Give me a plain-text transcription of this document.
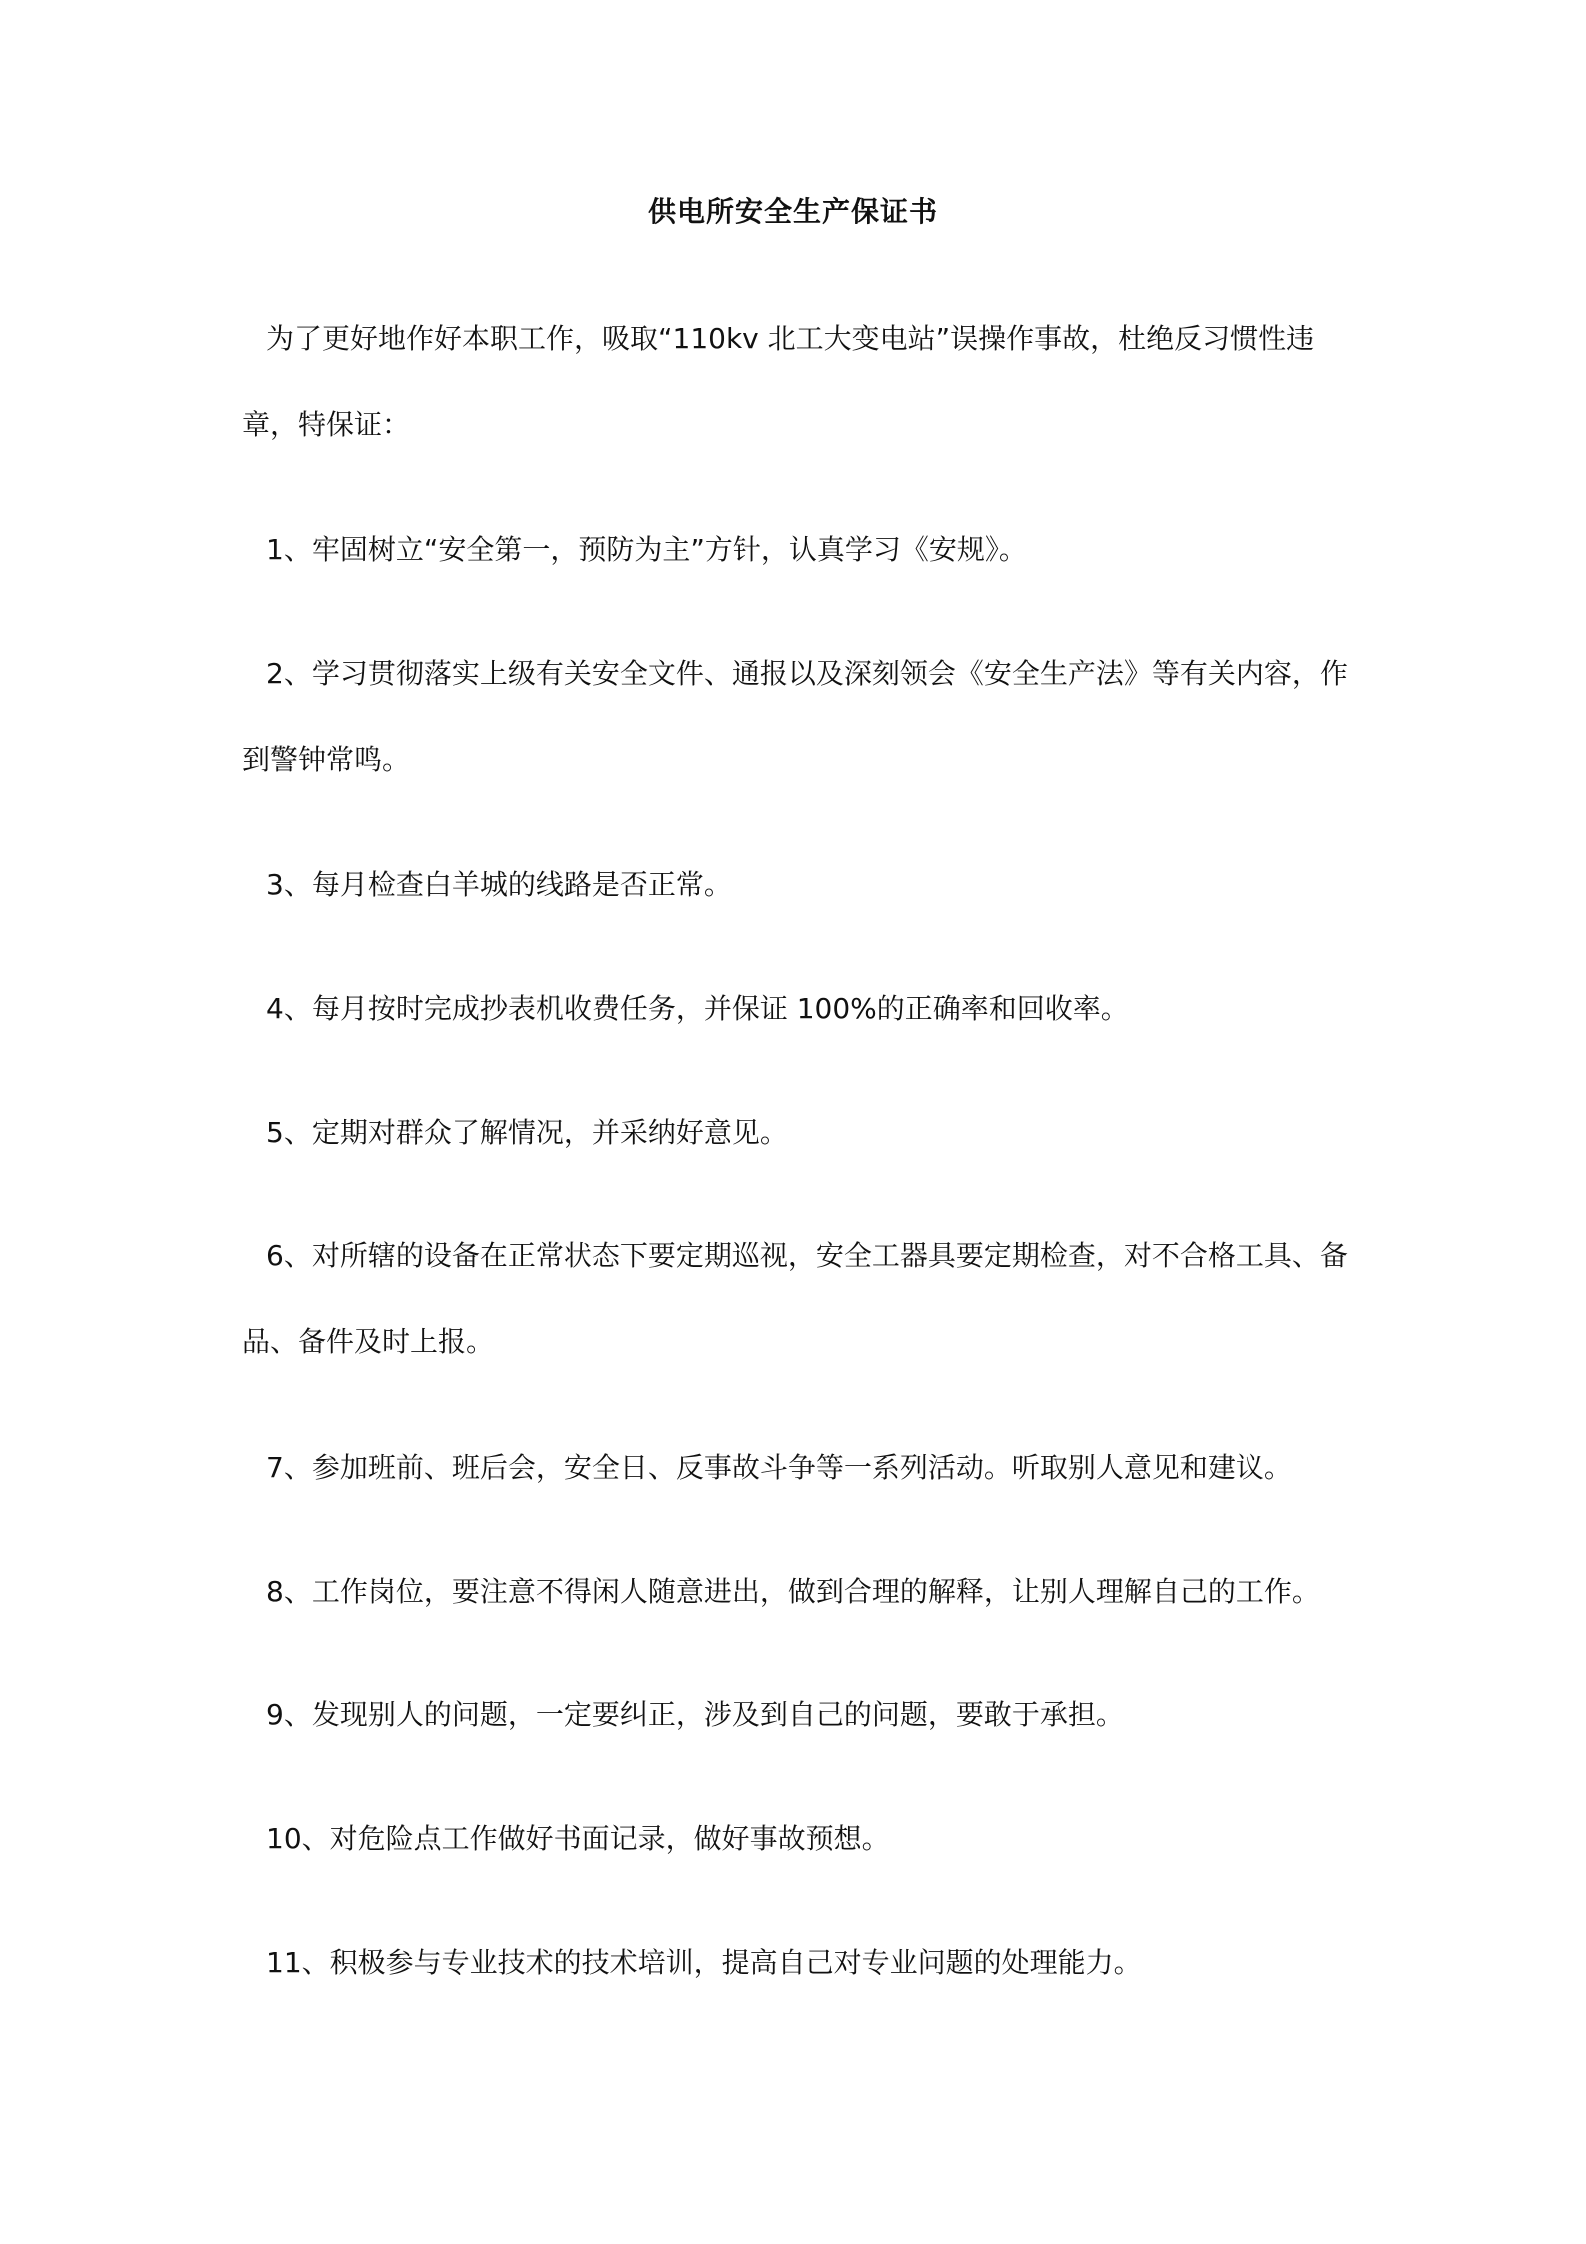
供电所安全生产保证书
为了更好地作好本职工作，吸取“110kv 北工大变电站”误操作事故，杜绝反习惯性违
章，特保证：
1、牢固树立“安全第一，预防为主”方针，认真学习《安规》。
2、学习贯彻落实上级有关安全文件、通报以及深刻领会《安全生产法》等有关内容，作
到警钟常鸣。
3、每月检查白羊城的线路是否正常。
4、每月按时完成抄表机收费任务，并保证 100%的正确率和回收率。
5、定期对群众了解情况，并采纳好意见。
6、对所辖的设备在正常状态下要定期巡视，安全工器具要定期检查，对不合格工具、备
品、备件及时上报。
7、参加班前、班后会，安全日、反事故斗争等一系列活动。听取别人意见和建议。
8、工作岗位，要注意不得闲人随意进出，做到合理的解释，让别人理解自己的工作。
9、发现别人的问题，一定要纠正，涉及到自己的问题，要敢于承担。
10、对危险点工作做好书面记录，做好事故预想。
11、积极参与专业技术的技术培训，提高自己对专业问题的处理能力。
